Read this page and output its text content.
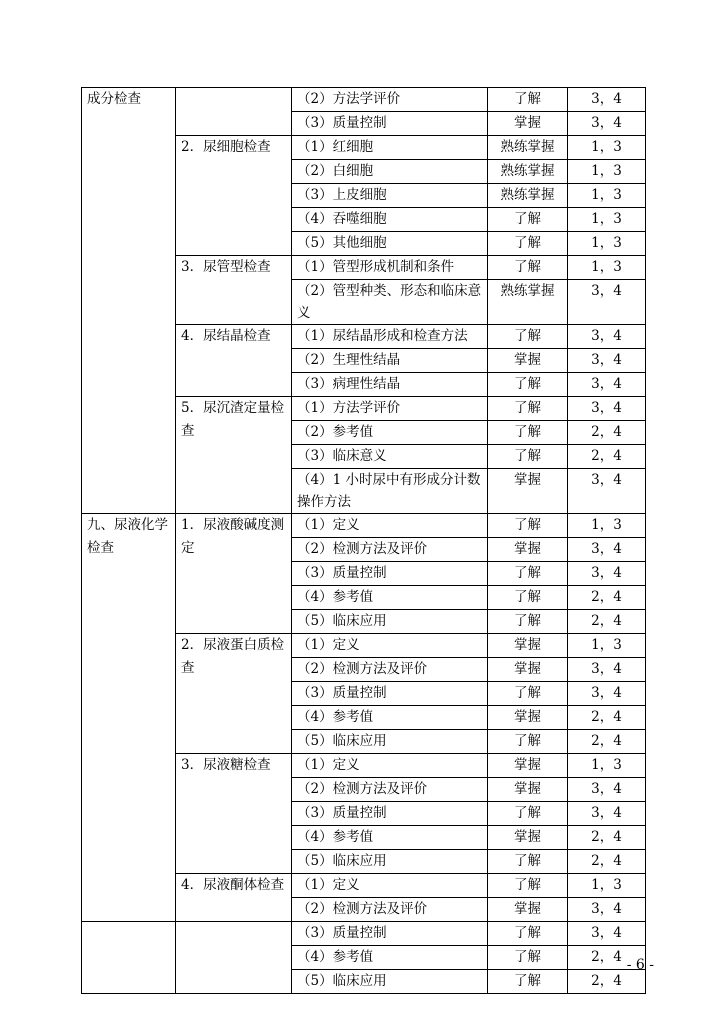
成分检查		（2）方法学评价	了解	3，4
		（3）质量控制	掌握	3，4
	2．尿细胞检查	（1）红细胞	熟练掌握	1，3
		（2）白细胞	熟练掌握	1，3
		（3）上皮细胞	熟练掌握	1，3
		（4）吞噬细胞	了解	1，3
		（5）其他细胞	了解	1，3
	3．尿管型检查	（1）管型形成机制和条件	了解	1，3
		（2）管型种类、形态和临床意义	熟练掌握	3，4
	4．尿结晶检查	（1）尿结晶形成和检查方法	了解	3，4
		（2）生理性结晶	掌握	3，4
		（3）病理性结晶	了解	3，4
	5．尿沉渣定量检查	（1）方法学评价	了解	3，4
		（2）参考值	了解	2，4
		（3）临床意义	了解	2，4
		（4）1 小时尿中有形成分计数操作方法	掌握	3，4
九、尿液化学检查	1．尿液酸碱度测定	（1）定义	了解	1，3
		（2）检测方法及评价	掌握	3，4
		（3）质量控制	了解	3，4
		（4）参考值	了解	2，4
		（5）临床应用	了解	2，4
	2．尿液蛋白质检查	（1）定义	掌握	1，3
		（2）检测方法及评价	掌握	3，4
		（3）质量控制	了解	3，4
		（4）参考值	掌握	2，4
		（5）临床应用	了解	2，4
	3．尿液糖检查	（1）定义	掌握	1，3
		（2）检测方法及评价	掌握	3，4
		（3）质量控制	了解	3，4
		（4）参考值	掌握	2，4
		（5）临床应用	了解	2，4
	4．尿液酮体检查	（1）定义	了解	1，3
		（2）检测方法及评价	掌握	3，4
		（3）质量控制	了解	3，4
		（4）参考值	了解	2，4
		（5）临床应用	了解	2，4
- 6 -
